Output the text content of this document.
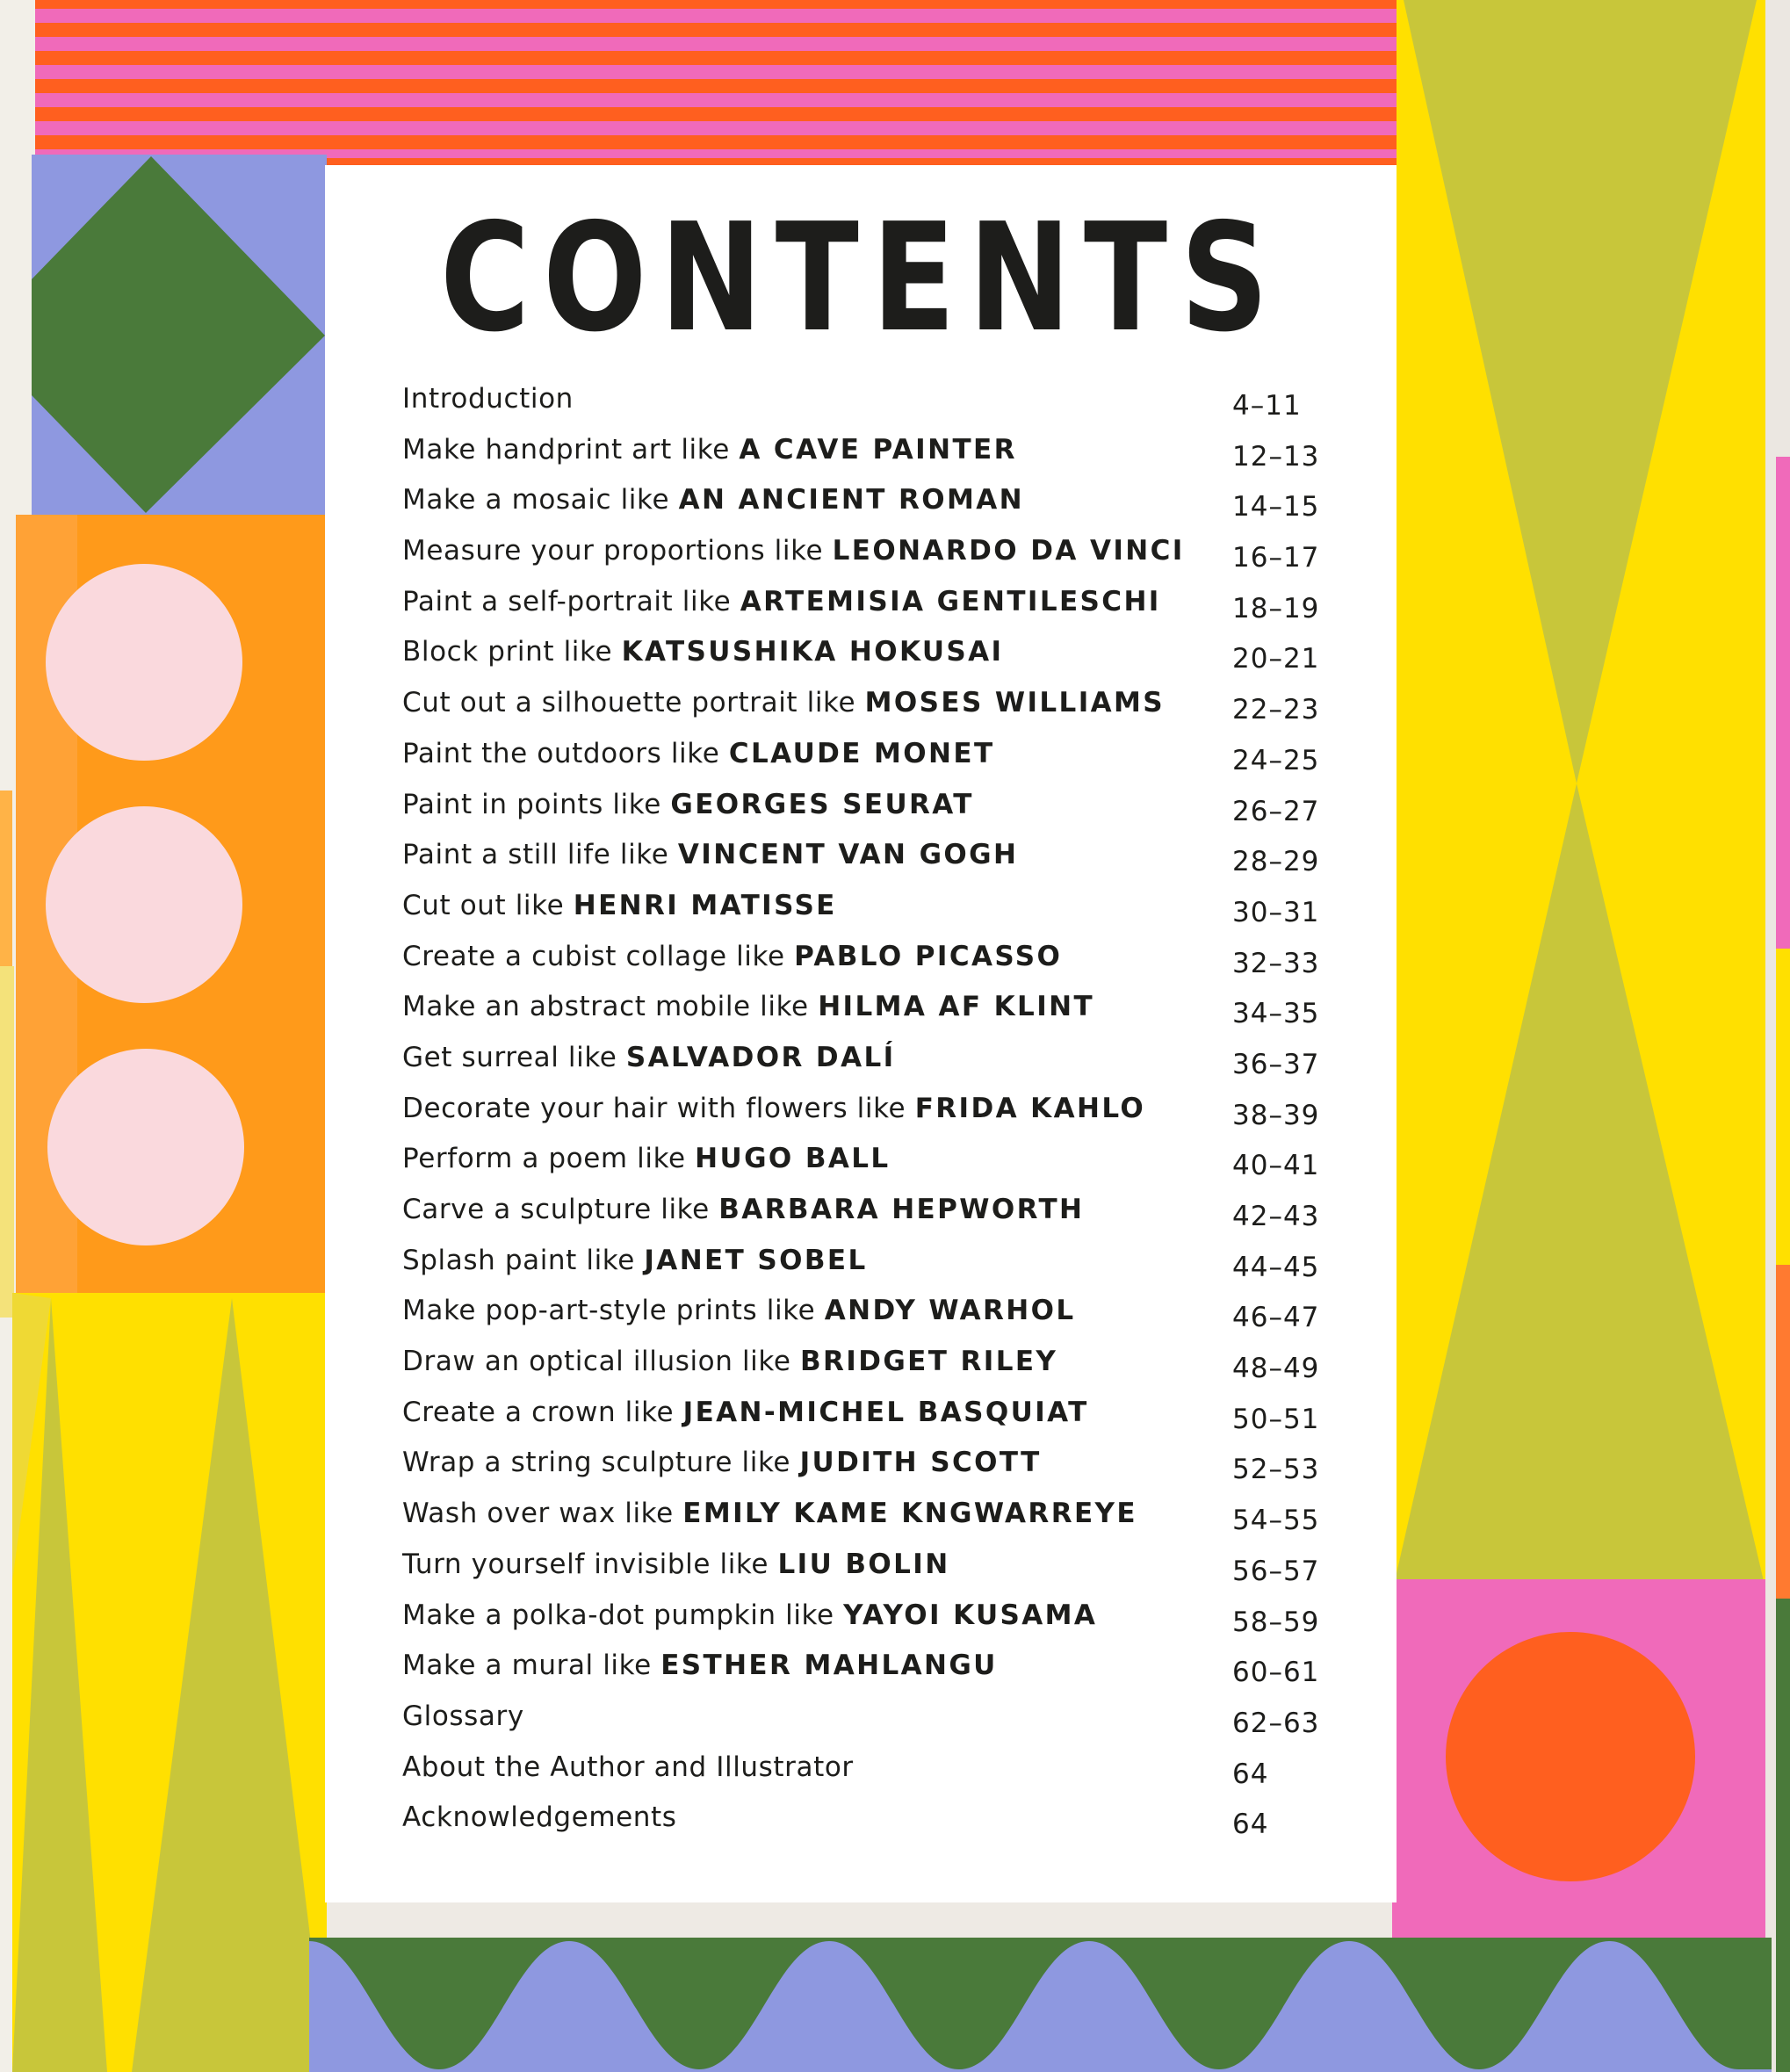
CONTENTS
Introduction	4–11
Make handprint art like A CAVE PAINTER	12–13
Make a mosaic like AN ANCIENT ROMAN	14–15
Measure your proportions like LEONARDO DA VINCI 16–17
Paint a self-portrait like ARTEMISIA GENTILESCHI	18–19
Block print like KATSUSHIKA HOKUSAI	20–21
Cut out a silhouette portrait like MOSES WILLIAMS 22–23
Paint the outdoors like CLAUDE MONET	24–25
Paint in points like GEORGES SEURAT	26–27
Paint a still life like VINCENT VAN GOGH	28–29
Cut out like HENRI MATISSE	30–31
Create a cubist collage like PABLO PICASSO	32–33
Make an abstract mobile like HILMA AF KLINT	34–35
Get surreal like SALVADOR DALÍ	36–37
Decorate your hair with flowers like FRIDA KAHLO	38–39
Perform a poem like HUGO BALL	40–41
Carve a sculpture like BARBARA HEPWORTH	42–43
Splash paint like JANET SOBEL	44–45
Make pop-art-style prints like ANDY WARHOL	46–47
Draw an optical illusion like BRIDGET RILEY	48–49
Create a crown like JEAN-MICHEL BASQUIAT	50–51
Wrap a string sculpture like JUDITH SCOTT	52–53
Wash over wax like EMILY KAME KNGWARREYE	54–55
Turn yourself invisible like LIU BOLIN	56–57
Make a polka-dot pumpkin like YAYOI KUSAMA	58–59
Make a mural like ESTHER MAHLANGU	60–61
Glossary	62–63
About the Author and Illustrator	64
Acknowledgements	64
